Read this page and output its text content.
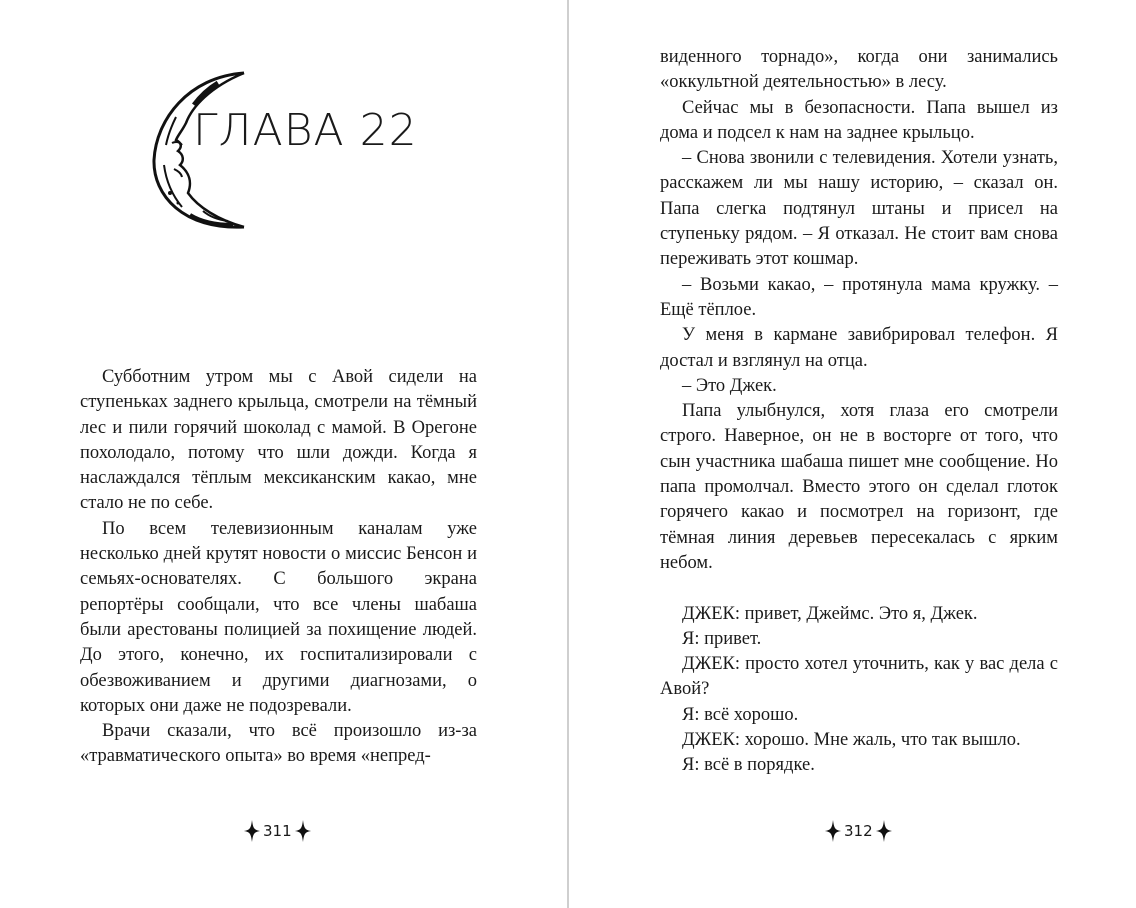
ГЛАВА 22

Субботним утром мы с Авой сидели на ступеньках заднего крыльца, смотрели на тёмный лес и пили горячий шоколад с мамой. В Орегоне похолодало, потому что шли дожди. Когда я наслаждался тёплым мексиканским какао, мне стало не по себе.

По всем телевизионным каналам уже несколько дней крутят новости о миссис Бенсон и семьях-основателях. С большого экрана репортёры сообщали, что все члены шабаша были арестованы полицией за похищение людей. До этого, конечно, их госпитализировали с обезвоживанием и другими диагнозами, о которых они даже не подозревали.

Врачи сказали, что всё произошло из-за «травматического опыта» во время «непред-

311

виденного торнадо», когда они занимались «оккультной деятельностью» в лесу.

Сейчас мы в безопасности. Папа вышел из дома и подсел к нам на заднее крыльцо.

– Снова звонили с телевидения. Хотели узнать, расскажем ли мы нашу историю, – сказал он. Папа слегка подтянул штаны и присел на ступеньку рядом. – Я отказал. Не стоит вам снова переживать этот кошмар.

– Возьми какао, – протянула мама кружку. – Ещё тёплое.

У меня в кармане завибрировал телефон. Я достал и взглянул на отца.

– Это Джек.

Папа улыбнулся, хотя глаза его смотрели строго. Наверное, он не в восторге от того, что сын участника шабаша пишет мне сообщение. Но папа промолчал. Вместо этого он сделал глоток горячего какао и посмотрел на горизонт, где тёмная линия деревьев пересекалась с ярким небом.

ДЖЕК: привет, Джеймс. Это я, Джек.

Я: привет.

ДЖЕК: просто хотел уточнить, как у вас дела с Авой?

Я: всё хорошо.

ДЖЕК: хорошо. Мне жаль, что так вышло.

Я: всё в порядке.

312
